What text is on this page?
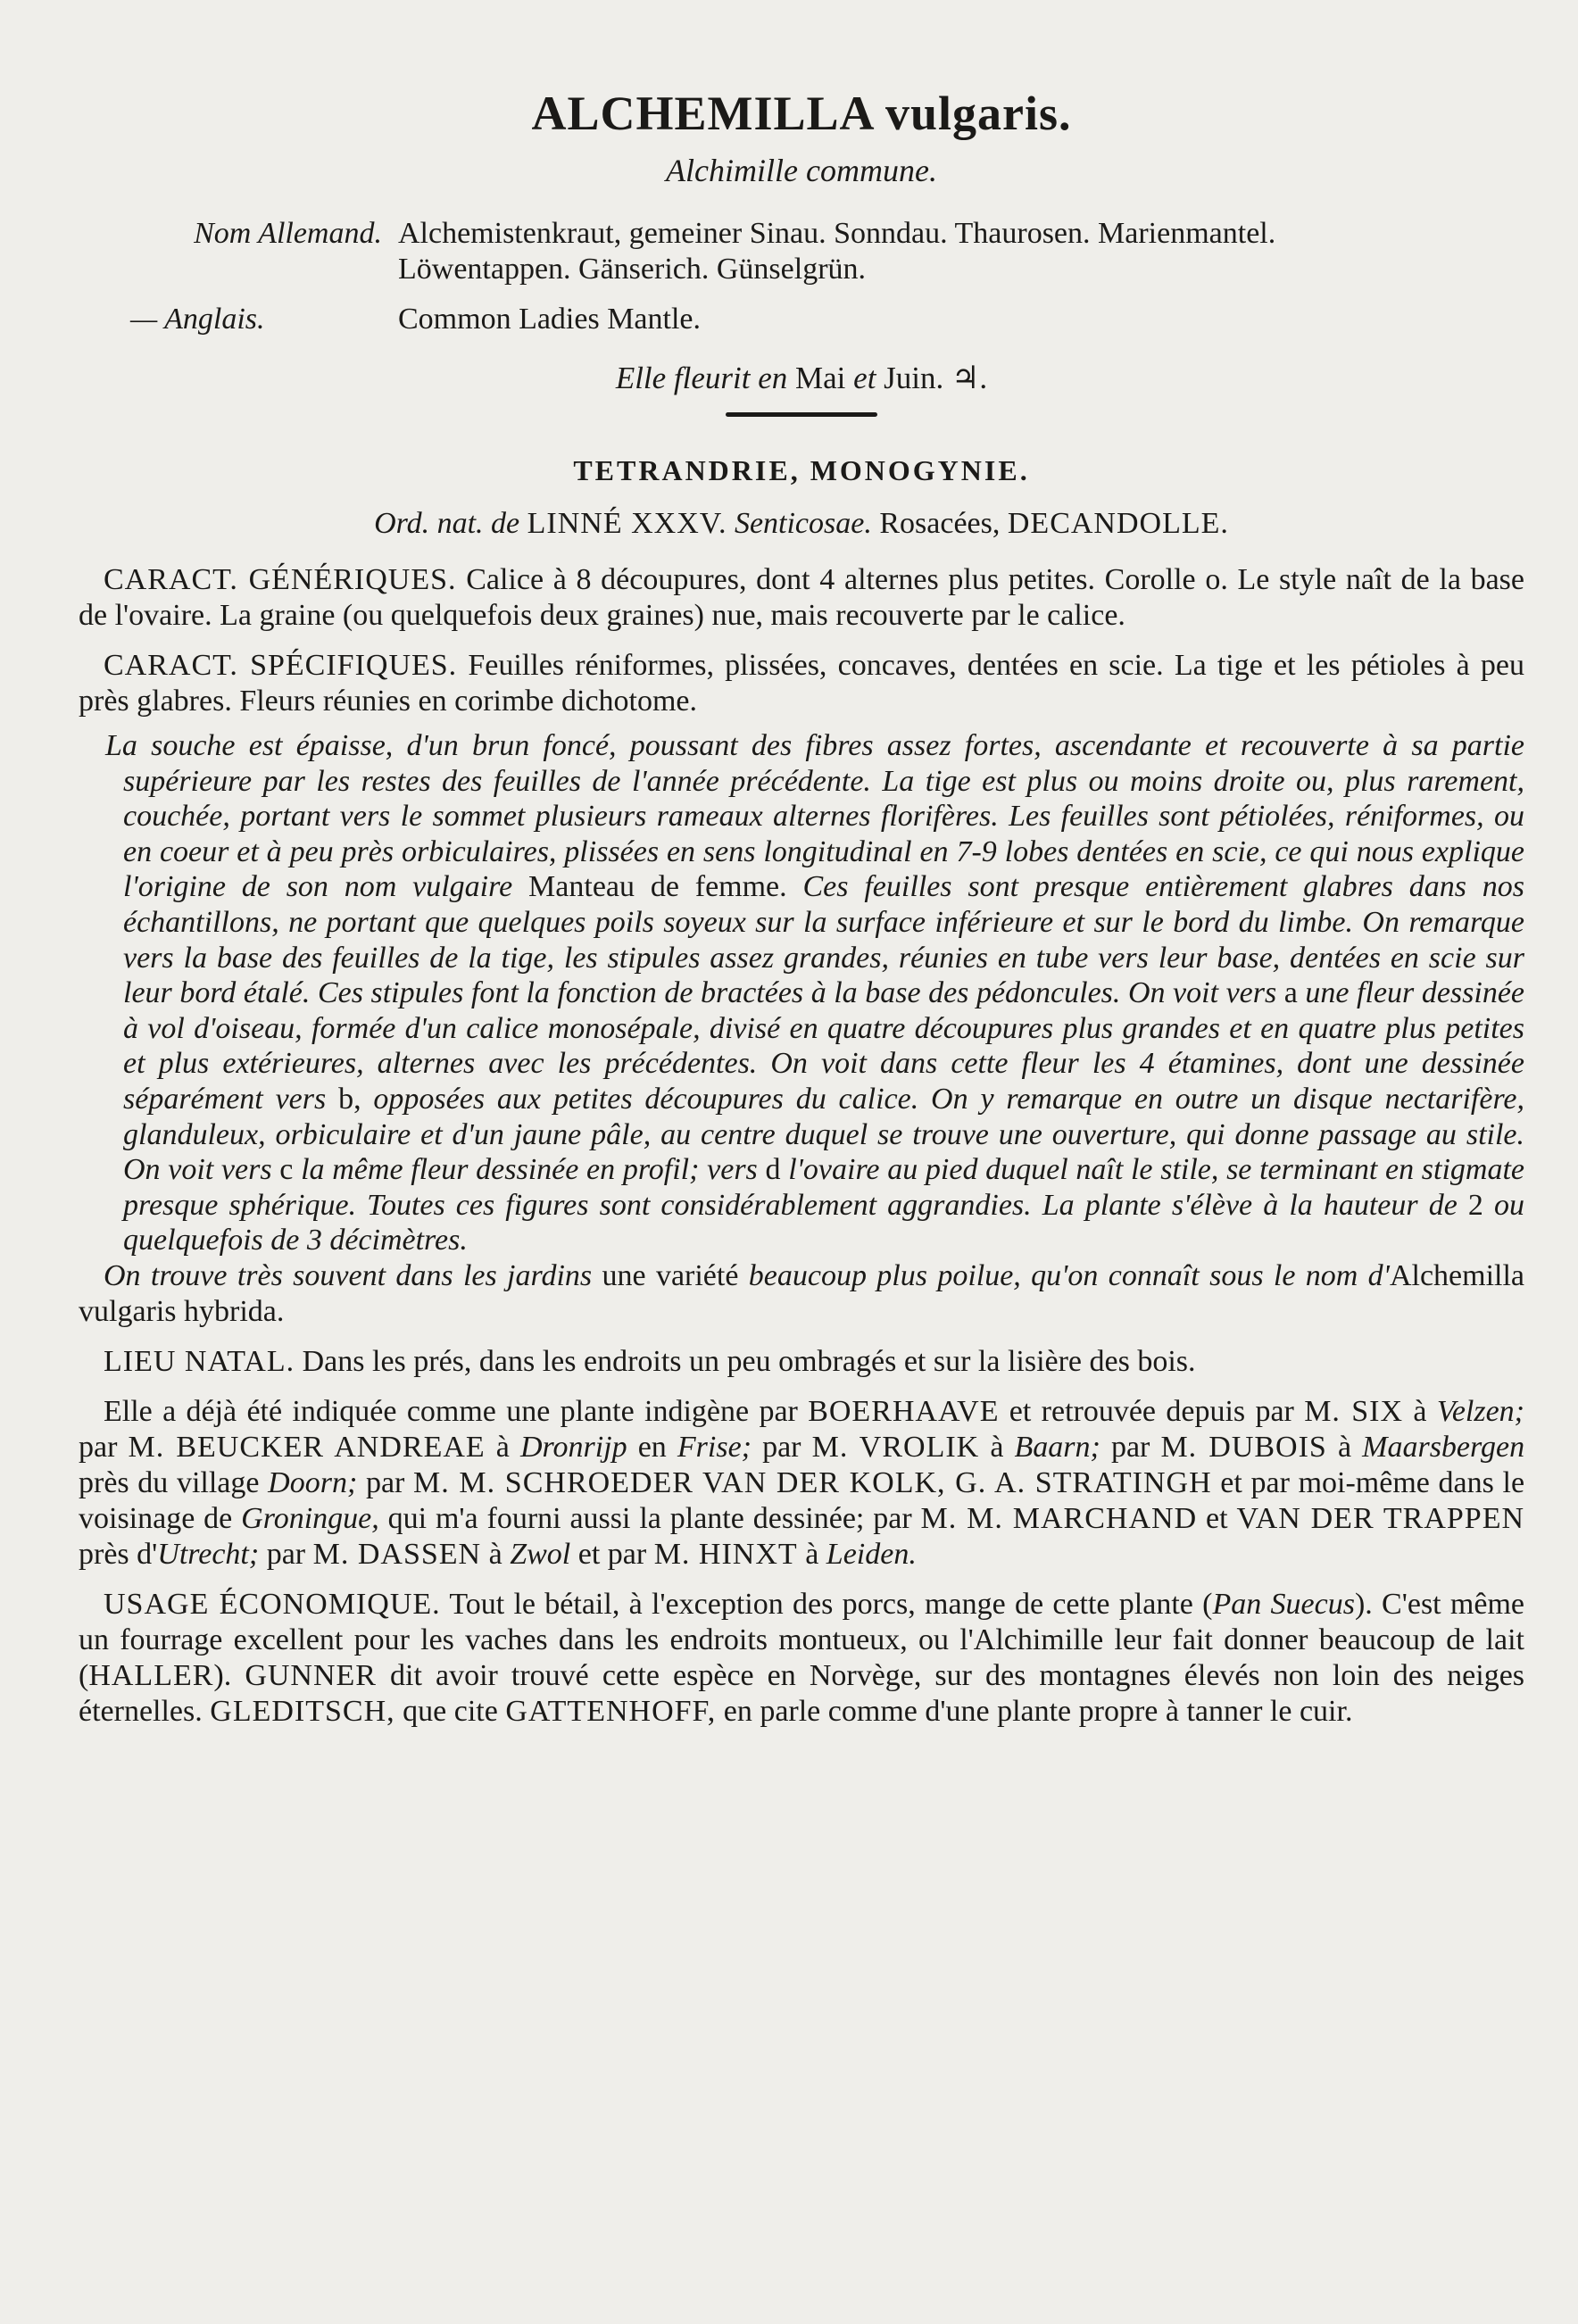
ALCHEMILLA vulgaris.
Alchimille commune.
Nom Allemand. Alchemistenkraut, gemeiner Sinau. Sonndau. Thaurosen. Marienmantel.
Löwentappen. Gänserich. Günselgrün.
— Anglais.	Common Ladies Mantle.
Elle fleurit en Mai et Juin. ♃.
TETRANDRIE, MONOGYNIE.
Ord. nat. de LINNÉ XXXV. Senticosae. Rosacées, DECANDOLLE.

CARACT. GÉNÉRIQUES. Calice à 8 découpures, dont 4 alternes plus petites. Corolle o. Le style naît de la base de l'ovaire. La graine (ou quelquefois deux graines) nue, mais recouverte par le calice.

CARACT. SPÉCIFIQUES. Feuilles réniformes, plissées, concaves, dentées en scie. La tige et les pétioles à peu près glabres. Fleurs réunies en corimbe dichotome.

La souche est épaisse, d'un brun foncé, poussant des fibres assez fortes, ascendante et recouverte à sa partie supérieure par les restes des feuilles de l'année précédente. La tige est plus ou moins droite ou, plus rarement, couchée, portant vers le sommet plusieurs rameaux alternes florifères. Les feuilles sont pétiolées, réniformes, ou en coeur et à peu près orbiculaires, plissées en sens longitudinal en 7-9 lobes dentées en scie, ce qui nous explique l'origine de son nom vulgaire Manteau de femme. Ces feuilles sont presque entièrement glabres dans nos échantillons, ne portant que quelques poils soyeux sur la surface inférieure et sur le bord du limbe. On remarque vers la base des feuilles de la tige, les stipules assez grandes, réunies en tube vers leur base, dentées en scie sur leur bord étalé. Ces stipules font la fonction de bractées à la base des pédoncules. On voit vers a une fleur dessinée à vol d'oiseau, formée d'un calice monosépale, divisé en quatre découpures plus grandes et en quatre plus petites et plus extérieures, alternes avec les précédentes. On voit dans cette fleur les 4 étamines, dont une dessinée séparément vers b, opposées aux petites découpures du calice. On y remarque en outre un disque nectarifère, glanduleux, orbiculaire et d'un jaune pâle, au centre duquel se trouve une ouverture, qui donne passage au stile. On voit vers c la même fleur dessinée en profil; vers d l'ovaire au pied duquel naît le stile, se terminant en stigmate presque sphérique. Toutes ces figures sont considérablement aggrandies. La plante s'élève à la hauteur de 2 ou quelquefois de 3 décimètres.

On trouve très souvent dans les jardins une variété beaucoup plus poilue, qu'on connaît sous le nom d'Alchemilla vulgaris hybrida.

LIEU NATAL. Dans les prés, dans les endroits un peu ombragés et sur la lisière des bois.

Elle a déjà été indiquée comme une plante indigène par BOERHAAVE et retrouvée depuis par M. SIX à Velzen; par M. BEUCKER ANDREAE à Dronrijp en Frise; par M. VROLIK à Baarn; par M. DUBOIS à Maarsbergen près du village Doorn; par M. M. SCHROEDER VAN DER KOLK, G. A. STRATINGH et par moi-même dans le voisinage de Groningue, qui m'a fourni aussi la plante dessinée; par M. M. MARCHAND et VAN DER TRAPPEN près d'Utrecht; par M. DASSEN à Zwol et par M. HINXT à Leiden.

USAGE ÉCONOMIQUE. Tout le bétail, à l'exception des porcs, mange de cette plante (Pan Suecus). C'est même un fourrage excellent pour les vaches dans les endroits montueux, ou l'Alchimille leur fait donner beaucoup de lait (HALLER). GUNNER dit avoir trouvé cette espèce en Norvège, sur des montagnes élevés non loin des neiges éternelles. GLEDITSCH, que cite GATTENHOFF, en parle comme d'une plante propre à tanner le cuir.
